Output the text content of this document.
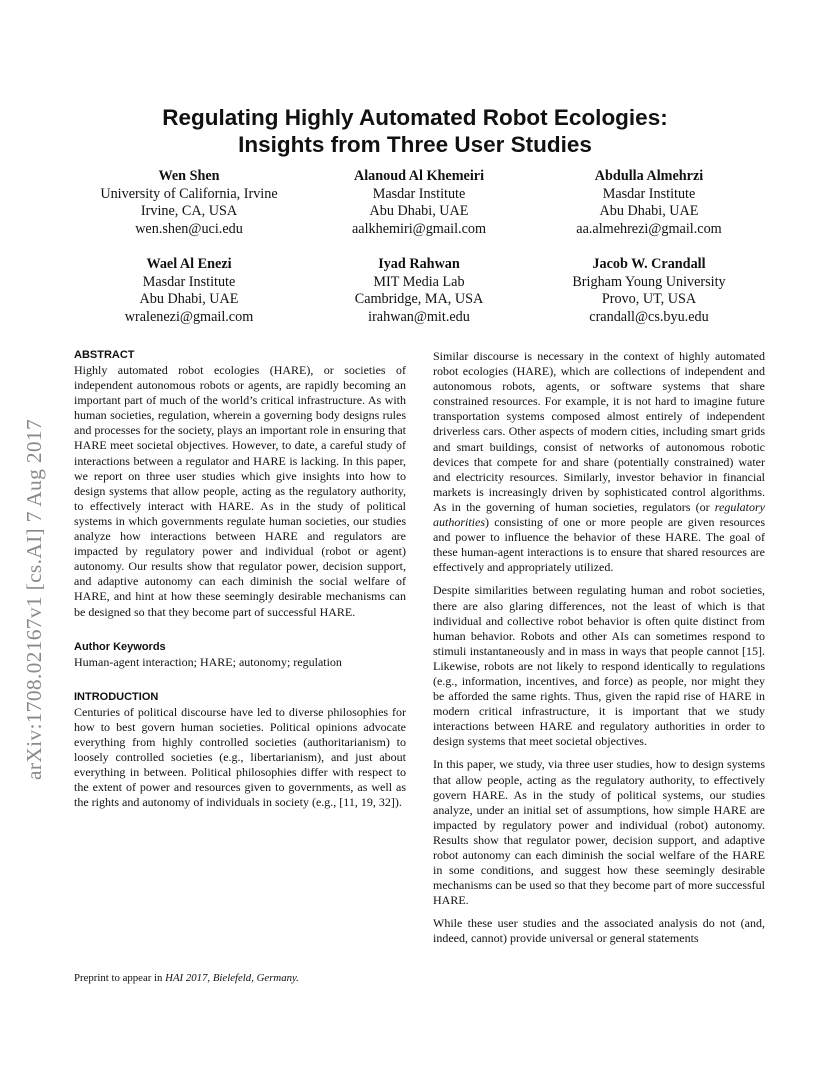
arXiv:1708.02167v1 [cs.AI] 7 Aug 2017
Regulating Highly Automated Robot Ecologies:
Insights from Three User Studies
Wen Shen
University of California, Irvine
Irvine, CA, USA
wen.shen@uci.edu
Alanoud Al Khemeiri
Masdar Institute
Abu Dhabi, UAE
aalkhemiri@gmail.com
Abdulla Almehrzi
Masdar Institute
Abu Dhabi, UAE
aa.almehrezi@gmail.com
Wael Al Enezi
Masdar Institute
Abu Dhabi, UAE
wralenezi@gmail.com
Iyad Rahwan
MIT Media Lab
Cambridge, MA, USA
irahwan@mit.edu
Jacob W. Crandall
Brigham Young University
Provo, UT, USA
crandall@cs.byu.edu
ABSTRACT
Highly automated robot ecologies (HARE), or societies of independent autonomous robots or agents, are rapidly becoming an important part of much of the world’s critical infrastructure. As with human societies, regulation, wherein a governing body designs rules and processes for the society, plays an important role in ensuring that HARE meet societal objectives. However, to date, a careful study of interactions between a regulator and HARE is lacking. In this paper, we report on three user studies which give insights into how to design systems that allow people, acting as the regulatory authority, to effectively interact with HARE. As in the study of political systems in which governments regulate human societies, our studies analyze how interactions between HARE and regulators are impacted by regulatory power and individual (robot or agent) autonomy. Our results show that regulator power, decision support, and adaptive autonomy can each diminish the social welfare of HARE, and hint at how these seemingly desirable mechanisms can be designed so that they become part of successful HARE.
Author Keywords
Human-agent interaction; HARE; autonomy; regulation
INTRODUCTION
Centuries of political discourse have led to diverse philosophies for how to best govern human societies. Political opinions advocate everything from highly controlled societies (authoritarianism) to loosely controlled societies (e.g., libertarianism), and just about everything in between. Political philosophies differ with respect to the extent of power and resources given to governments, as well as the rights and autonomy of individuals in society (e.g., [11, 19, 32]).

Similar discourse is necessary in the context of highly automated robot ecologies (HARE), which are collections of independent and autonomous robots, agents, or software systems that share constrained resources. For example, it is not hard to imagine future transportation systems composed almost entirely of independent driverless cars. Other aspects of modern cities, including smart grids and smart buildings, consist of networks of autonomous robotic devices that compete for and share (potentially constrained) water and electricity resources. Similarly, investor behavior in financial markets is increasingly driven by sophisticated control algorithms. As in the governing of human societies, regulators (or regulatory authorities) consisting of one or more people are given resources and power to influence the behavior of these HARE. The goal of these human-agent interactions is to ensure that shared resources are effectively and appropriately utilized.

Despite similarities between regulating human and robot societies, there are also glaring differences, not the least of which is that individual and collective robot behavior is often quite distinct from human behavior. Robots and other AIs can sometimes respond to stimuli instantaneously and in mass in ways that people cannot [15]. Likewise, robots are not likely to respond identically to regulations (e.g., information, incentives, and force) as people, nor might they be afforded the same rights. Thus, given the rapid rise of HARE in modern critical infrastructure, it is important that we study interactions between HARE and regulatory authorities in order to design systems that meet societal objectives.

In this paper, we study, via three user studies, how to design systems that allow people, acting as the regulatory authority, to effectively govern HARE. As in the study of political systems, our studies analyze, under an initial set of assumptions, how simple HARE are impacted by regulatory power and individual (robot) autonomy. Results show that regulator power, decision support, and adaptive robot autonomy can each diminish the social welfare of the HARE in some conditions, and suggest how these seemingly desirable mechanisms can be used so that they become part of more successful HARE.

While these user studies and the associated analysis do not (and, indeed, cannot) provide universal or general statements

Preprint to appear in HAI 2017, Bielefeld, Germany.
